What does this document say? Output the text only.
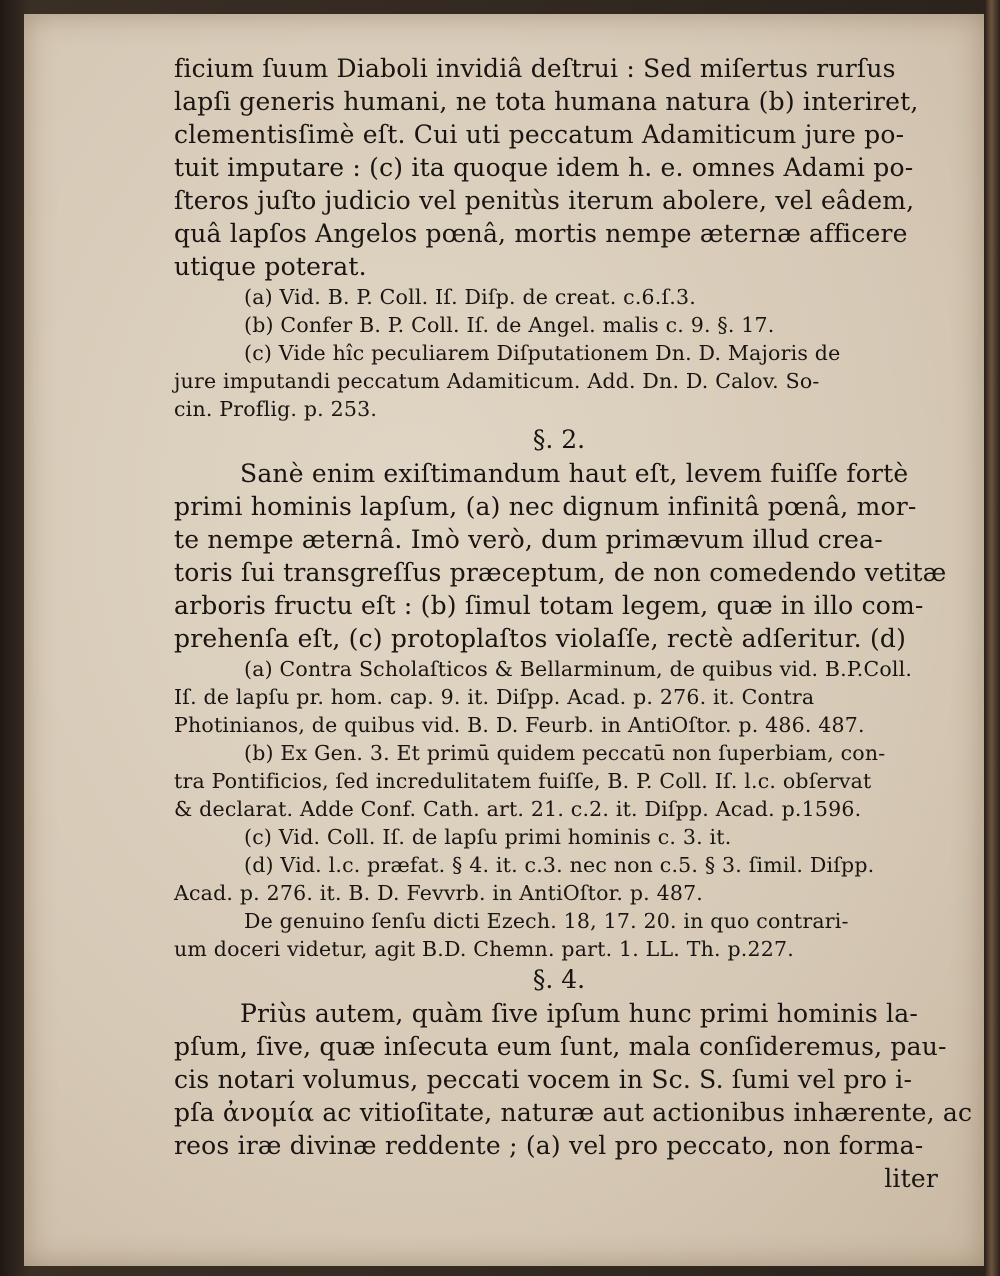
ficium ſuum Diaboli invidiâ deſtrui : Sed miſertus rurſus
lapſi generis humani, ne tota humana natura (b) interiret,
clementisſimè eſt. Cui uti peccatum Adamiticum jure po-
tuit imputare : (c) ita quoque idem h. e. omnes Adami po-
ſteros juſto judicio vel penitùs iterum abolere, vel eâdem,
quâ lapſos Angelos pœnâ, mortis nempe æternæ afficere
utique poterat.
(a) Vid. B. P. Coll. Iſ. Diſp. de creat. c.6.ſ.3.
(b) Confer B. P. Coll. Iſ. de Angel. malis c. 9. §. 17.
(c) Vide hîc peculiarem Diſputationem Dn. D. Majoris de
jure imputandi peccatum Adamiticum. Add. Dn. D. Calov. So-
cin. Proflig. p. 253.
§. 2.
Sanè enim exiſtimandum haut eſt, levem fuiſſe fortè
primi hominis lapſum, (a) nec dignum infinitâ pœnâ, mor-
te nempe æternâ. Imò verò, dum primævum illud crea-
toris ſui transgreſſus præceptum, de non comedendo vetitæ
arboris fructu eſt : (b) ſimul totam legem, quæ in illo com-
prehenſa eſt, (c) protoplaſtos violaſſe, rectè adſeritur. (d)
(a) Contra Scholaſticos & Bellarminum, de quibus vid. B.P.Coll.
Iſ. de lapſu pr. hom. cap. 9. it. Diſpp. Acad. p. 276. it. Contra
Photinianos, de quibus vid. B. D. Feurb. in AntiOſtor. p. 486. 487.
(b) Ex Gen. 3. Et primū quidem peccatū non ſuperbiam, con-
tra Pontificios, ſed incredulitatem fuiſſe, B. P. Coll. Iſ. l.c. obſervat
& declarat. Adde Conf. Cath. art. 21. c.2. it. Diſpp. Acad. p.1596.
(c) Vid. Coll. Iſ. de lapſu primi hominis c. 3. it.
(d) Vid. l.c. præfat. § 4. it. c.3. nec non c.5. § 3. ſimil. Diſpp.
Acad. p. 276. it. B. D. Fevvrb. in AntiOſtor. p. 487.
De genuino ſenſu dicti Ezech. 18, 17. 20. in quo contrari-
um doceri videtur, agit B.D. Chemn. part. 1. LL. Th. p.227.
§. 4.
Priùs autem, quàm ſive ipſum hunc primi hominis la-
pſum, ſive, quæ inſecuta eum ſunt, mala conſideremus, pau-
cis notari volumus, peccati vocem in Sc. S. ſumi vel pro i-
pſa ἀνομία ac vitioſitate, naturæ aut actionibus inhærente, ac
reos iræ divinæ reddente ; (a) vel pro peccato, non forma-
liter
